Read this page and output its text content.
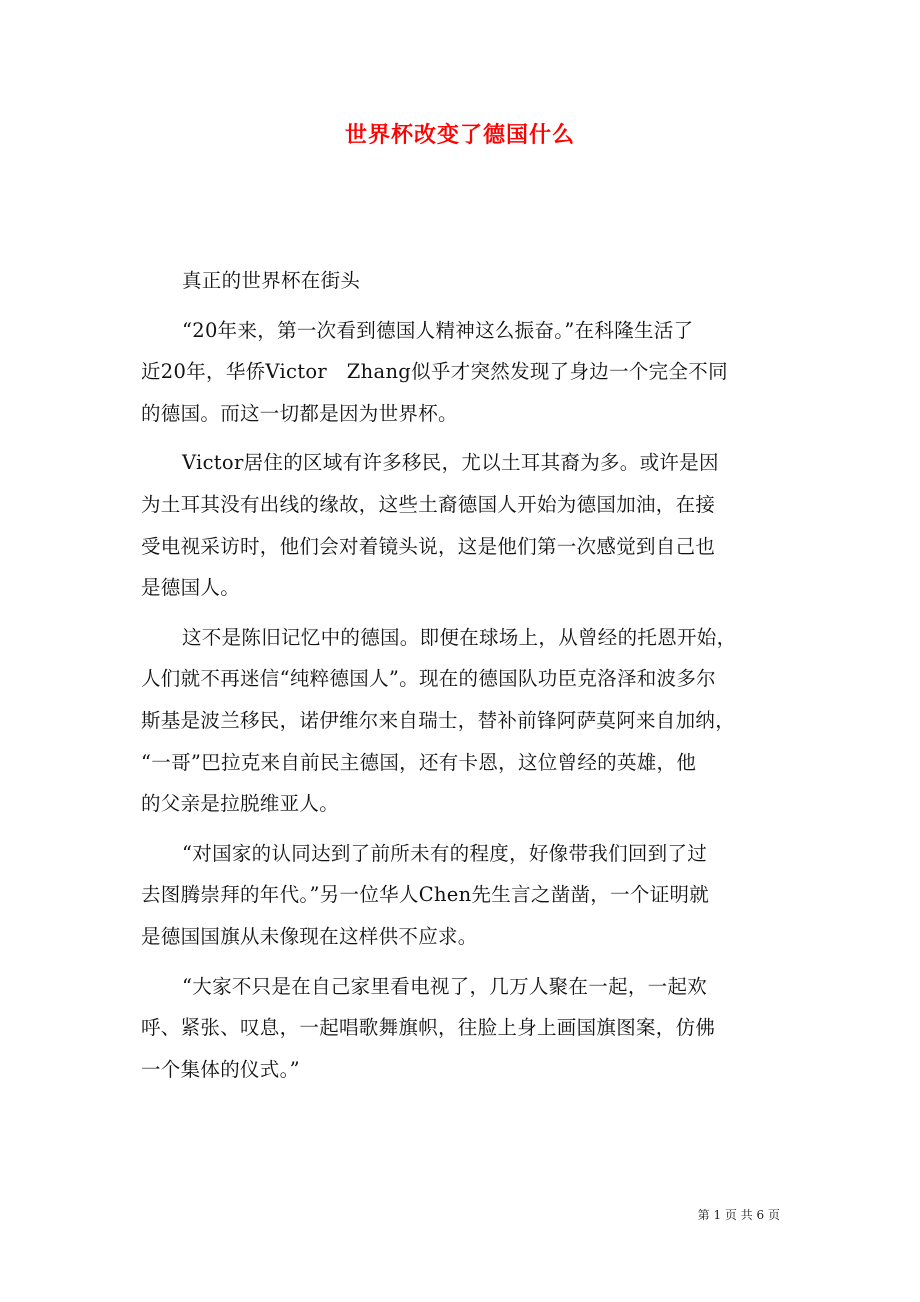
世界杯改变了德国什么

真正的世界杯在街头

“20年来，第一次看到德国人精神这么振奋。”在科隆生活了
近20年，华侨Victor　Zhang似乎才突然发现了身边一个完全不同
的德国。而这一切都是因为世界杯。

Victor居住的区域有许多移民，尤以土耳其裔为多。或许是因
为土耳其没有出线的缘故，这些土裔德国人开始为德国加油，在接
受电视采访时，他们会对着镜头说，这是他们第一次感觉到自己也
是德国人。

这不是陈旧记忆中的德国。即便在球场上，从曾经的托恩开始，
人们就不再迷信“纯粹德国人”。现在的德国队功臣克洛泽和波多尔
斯基是波兰移民，诺伊维尔来自瑞士，替补前锋阿萨莫阿来自加纳，
“一哥”巴拉克来自前民主德国，还有卡恩，这位曾经的英雄，他
的父亲是拉脱维亚人。

“对国家的认同达到了前所未有的程度，好像带我们回到了过
去图腾崇拜的年代。”另一位华人Chen先生言之凿凿，一个证明就
是德国国旗从未像现在这样供不应求。

“大家不只是在自己家里看电视了，几万人聚在一起，一起欢
呼、紧张、叹息，一起唱歌舞旗帜，往脸上身上画国旗图案，仿佛
一个集体的仪式。”

第 1 页 共 6 页
